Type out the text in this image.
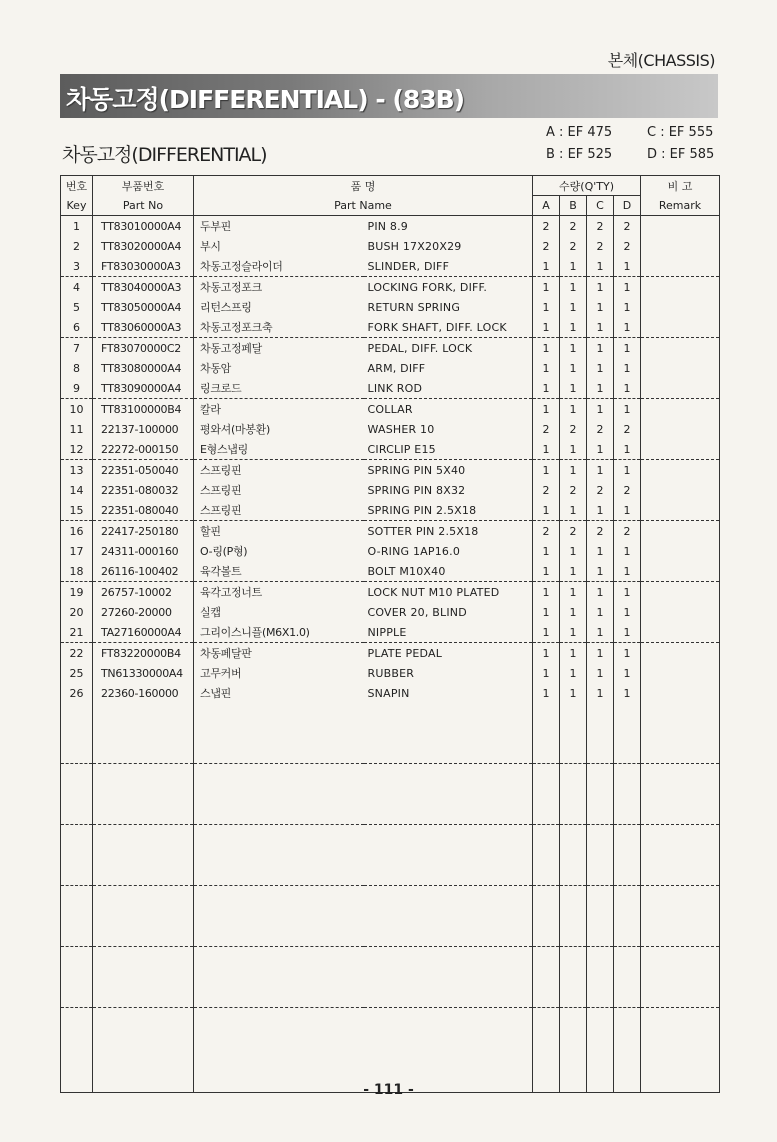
본체(CHASSIS)
차동고정(DIFFERENTIAL) - (83B)
차동고정(DIFFERENTIAL)
A : EF 475
B : EF 525
C : EF 555
D : EF 585
번호	부품번호	품 명		수량(Q'TY)				비 고
Key	Part No	Part Name		A	B	C	D	Remark
1	TT83010000A4	두부핀	PIN 8.9	2	2	2	2	
2	TT83020000A4	부시	BUSH 17X20X29	2	2	2	2	
3	FT83030000A3	차동고정슬라이더	SLINDER, DIFF	1	1	1	1	
4	TT83040000A3	차동고정포크	LOCKING FORK, DIFF.	1	1	1	1	
5	TT83050000A4	리턴스프링	RETURN SPRING	1	1	1	1	
6	TT83060000A3	차동고정포크축	FORK SHAFT, DIFF. LOCK	1	1	1	1	
7	FT83070000C2	차동고정페달	PEDAL, DIFF. LOCK	1	1	1	1	
8	TT83080000A4	차동암	ARM, DIFF	1	1	1	1	
9	TT83090000A4	링크로드	LINK ROD	1	1	1	1	
10	TT83100000B4	칼라	COLLAR	1	1	1	1	
11	22137-100000	평와셔(마봉환)	WASHER 10	2	2	2	2	
12	22272-000150	E형스냅링	CIRCLIP E15	1	1	1	1	
13	22351-050040	스프링핀	SPRING PIN 5X40	1	1	1	1	
14	22351-080032	스프링핀	SPRING PIN 8X32	2	2	2	2	
15	22351-080040	스프링핀	SPRING PIN 2.5X18	1	1	1	1	
16	22417-250180	할핀	SOTTER PIN 2.5X18	2	2	2	2	
17	24311-000160	O-링(P형)	O-RING 1AP16.0	1	1	1	1	
18	26116-100402	육각볼트	BOLT M10X40	1	1	1	1	
19	26757-10002	육각고정너트	LOCK NUT M10 PLATED	1	1	1	1	
20	27260-20000	실캡	COVER 20, BLIND	1	1	1	1	
21	TA27160000A4	그리이스니플(M6X1.0)	NIPPLE	1	1	1	1	
22	FT83220000B4	차동페달판	PLATE PEDAL	1	1	1	1	
25	TN61330000A4	고무커버	RUBBER	1	1	1	1	
26	22360-160000	스냅핀	SNAPIN	1	1	1	1	

- 111 -
